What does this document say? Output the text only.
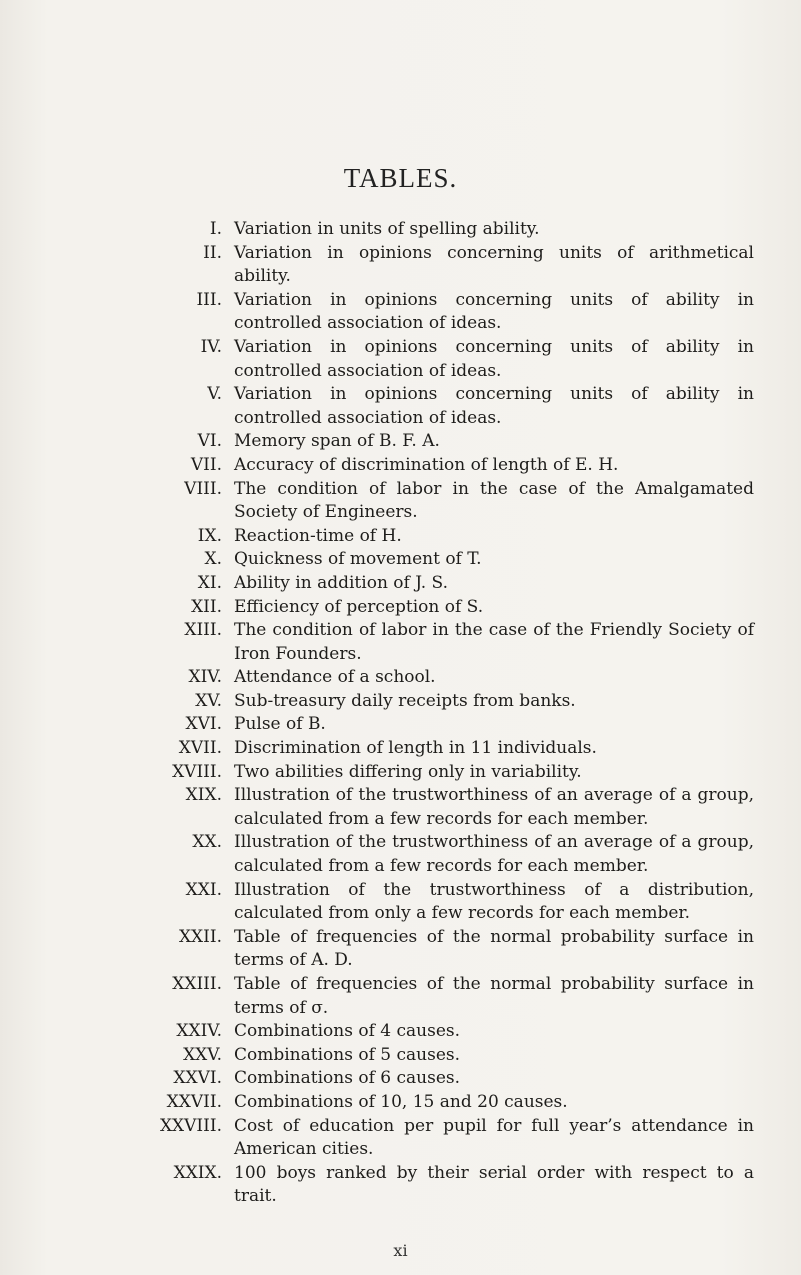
TABLES.
I. Variation in units of spelling ability.
II. Variation in opinions concerning units of arithmetical ability.
III. Variation in opinions concerning units of ability in controlled association of ideas.
IV. Variation in opinions concerning units of ability in controlled association of ideas.
V. Variation in opinions concerning units of ability in controlled association of ideas.
VI. Memory span of B. F. A.
VII. Accuracy of discrimination of length of E. H.
VIII. The condition of labor in the case of the Amalgamated Society of Engineers.
IX. Reaction-time of H.
X. Quickness of movement of T.
XI. Ability in addition of J. S.
XII. Efficiency of perception of S.
XIII. The condition of labor in the case of the Friendly Society of Iron Founders.
XIV. Attendance of a school.
XV. Sub-treasury daily receipts from banks.
XVI. Pulse of B.
XVII. Discrimination of length in 11 individuals.
XVIII. Two abilities differing only in variability.
XIX. Illustration of the trustworthiness of an average of a group, calculated from a few records for each member.
XX. Illustration of the trustworthiness of an average of a group, calculated from a few records for each member.
XXI. Illustration of the trustworthiness of a distribution, calculated from only a few records for each member.
XXII. Table of frequencies of the normal probability surface in terms of A. D.
XXIII. Table of frequencies of the normal probability surface in terms of σ.
XXIV. Combinations of 4 causes.
XXV. Combinations of 5 causes.
XXVI. Combinations of 6 causes.
XXVII. Combinations of 10, 15 and 20 causes.
XXVIII. Cost of education per pupil for full year’s attendance in American cities.
XXIX. 100 boys ranked by their serial order with respect to a trait.
xi
